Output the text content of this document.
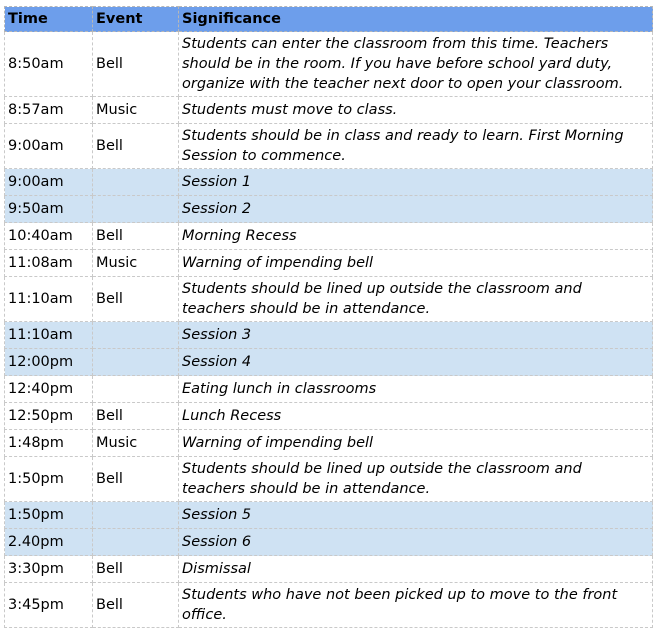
Time	Event	Significance
8:50am	Bell	Students can enter the classroom from this time. Teachers should be in the room. If you have before school yard duty, organize with the teacher next door to open your classroom.
8:57am	Music	Students must move to class.
9:00am	Bell	Students should be in class and ready to learn. First Morning Session to commence.
9:00am		Session 1
9:50am		Session 2
10:40am	Bell	Morning Recess
11:08am	Music	Warning of impending bell
11:10am	Bell	Students should be lined up outside the classroom and teachers should be in attendance.
11:10am		Session 3
12:00pm		Session 4
12:40pm		Eating lunch in classrooms
12:50pm	Bell	Lunch Recess
1:48pm	Music	Warning of impending bell
1:50pm	Bell	Students should be lined up outside the classroom and teachers should be in attendance.
1:50pm		Session 5
2.40pm		Session 6
3:30pm	Bell	Dismissal
3:45pm	Bell	Students who have not been picked up to move to the front office.
